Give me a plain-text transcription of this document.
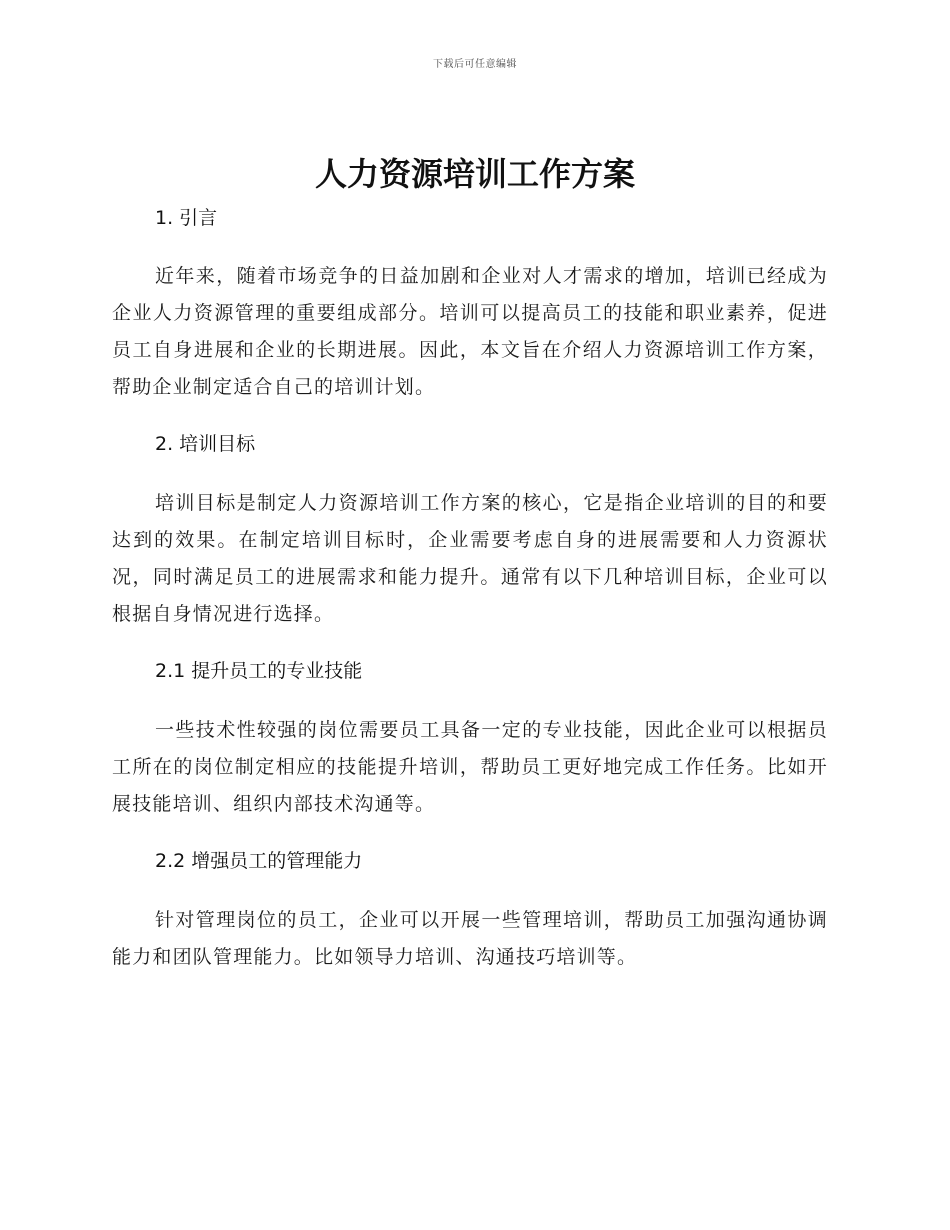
下载后可任意编辑
人力资源培训工作方案
1. 引言

近年来，随着市场竞争的日益加剧和企业对人才需求的增加，培训已经成为企业人力资源管理的重要组成部分。培训可以提高员工的技能和职业素养，促进员工自身进展和企业的长期进展。因此，本文旨在介绍人力资源培训工作方案，帮助企业制定适合自己的培训计划。

2. 培训目标

培训目标是制定人力资源培训工作方案的核心，它是指企业培训的目的和要达到的效果。在制定培训目标时，企业需要考虑自身的进展需要和人力资源状况，同时满足员工的进展需求和能力提升。通常有以下几种培训目标，企业可以根据自身情况进行选择。

2.1 提升员工的专业技能

一些技术性较强的岗位需要员工具备一定的专业技能，因此企业可以根据员工所在的岗位制定相应的技能提升培训，帮助员工更好地完成工作任务。比如开展技能培训、组织内部技术沟通等。

2.2 增强员工的管理能力

针对管理岗位的员工，企业可以开展一些管理培训，帮助员工加强沟通协调能力和团队管理能力。比如领导力培训、沟通技巧培训等。
